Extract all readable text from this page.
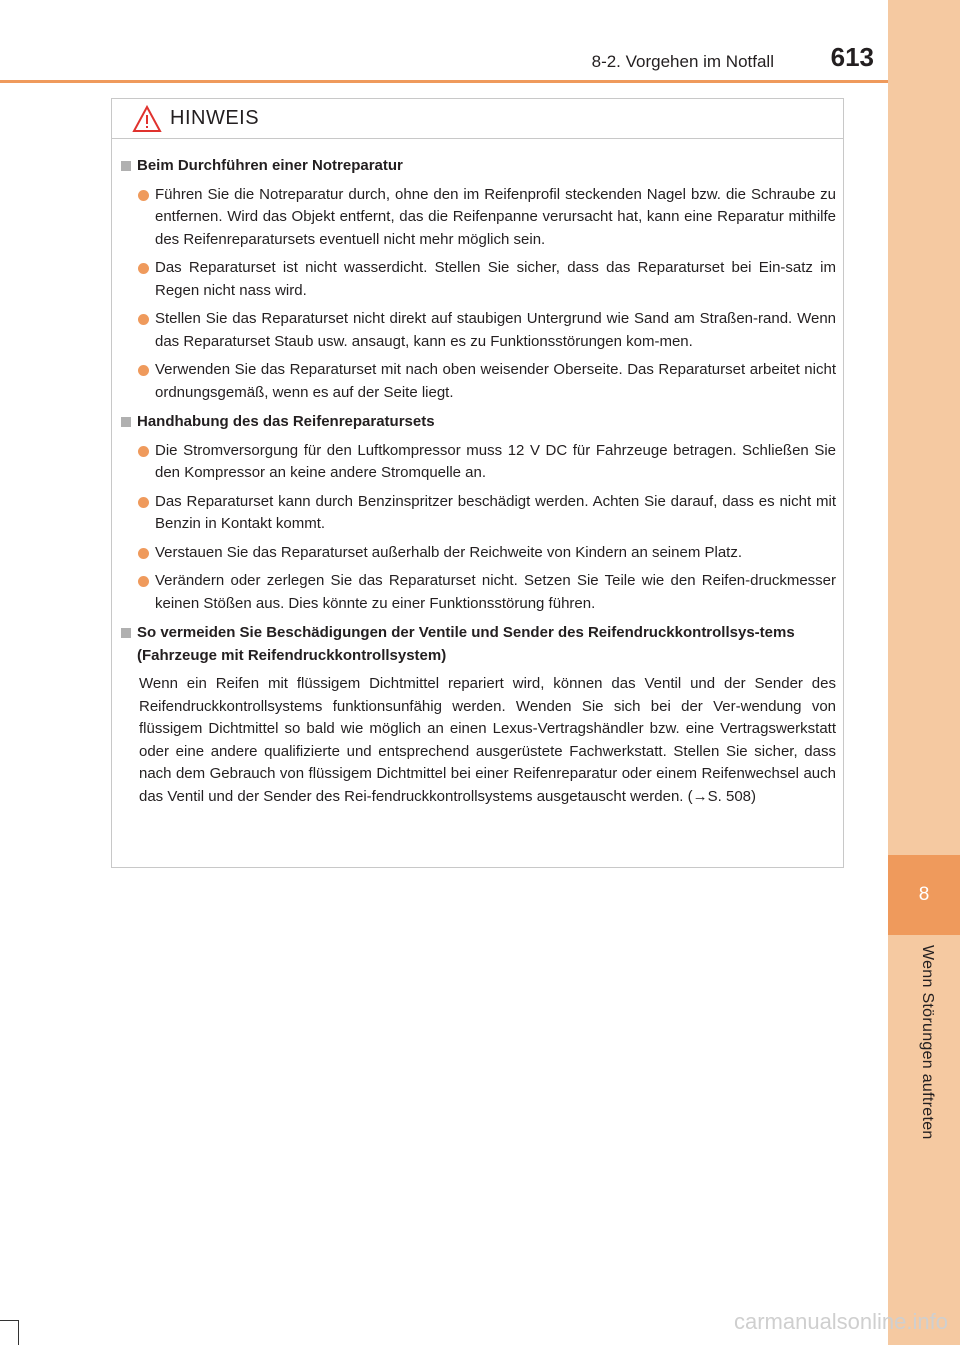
8-2. Vorgehen im Notfall 613
8
Wenn Störungen auftreten
HINWEIS
Beim Durchführen einer Notreparatur
Führen Sie die Notreparatur durch, ohne den im Reifenprofil steckenden Nagel bzw. die Schraube zu entfernen. Wird das Objekt entfernt, das die Reifenpanne verursacht hat, kann eine Reparatur mithilfe des Reifenreparatursets eventuell nicht mehr möglich sein.
Das Reparaturset ist nicht wasserdicht. Stellen Sie sicher, dass das Reparaturset bei Ein-satz im Regen nicht nass wird.
Stellen Sie das Reparaturset nicht direkt auf staubigen Untergrund wie Sand am Straßen-rand. Wenn das Reparaturset Staub usw. ansaugt, kann es zu Funktionsstörungen kom-men.
Verwenden Sie das Reparaturset mit nach oben weisender Oberseite. Das Reparaturset arbeitet nicht ordnungsgemäß, wenn es auf der Seite liegt.
Handhabung des das Reifenreparatursets
Die Stromversorgung für den Luftkompressor muss 12 V DC für Fahrzeuge betragen. Schließen Sie den Kompressor an keine andere Stromquelle an.
Das Reparaturset kann durch Benzinspritzer beschädigt werden. Achten Sie darauf, dass es nicht mit Benzin in Kontakt kommt.
Verstauen Sie das Reparaturset außerhalb der Reichweite von Kindern an seinem Platz.
Verändern oder zerlegen Sie das Reparaturset nicht. Setzen Sie Teile wie den Reifen-druckmesser keinen Stößen aus. Dies könnte zu einer Funktionsstörung führen.
So vermeiden Sie Beschädigungen der Ventile und Sender des Reifendruckkontrollsys-tems (Fahrzeuge mit Reifendruckkontrollsystem)
Wenn ein Reifen mit flüssigem Dichtmittel repariert wird, können das Ventil und der Sender des Reifendruckkontrollsystems funktionsunfähig werden. Wenden Sie sich bei der Ver-wendung von flüssigem Dichtmittel so bald wie möglich an einen Lexus-Vertragshändler bzw. eine Vertragswerkstatt oder eine andere qualifizierte und entsprechend ausgerüstete Fachwerkstatt. Stellen Sie sicher, dass nach dem Gebrauch von flüssigem Dichtmittel bei einer Reifenreparatur oder einem Reifenwechsel auch das Ventil und der Sender des Rei-fendruckkontrollsystems ausgetauscht werden. (→S. 508)
carmanualsonline.info
